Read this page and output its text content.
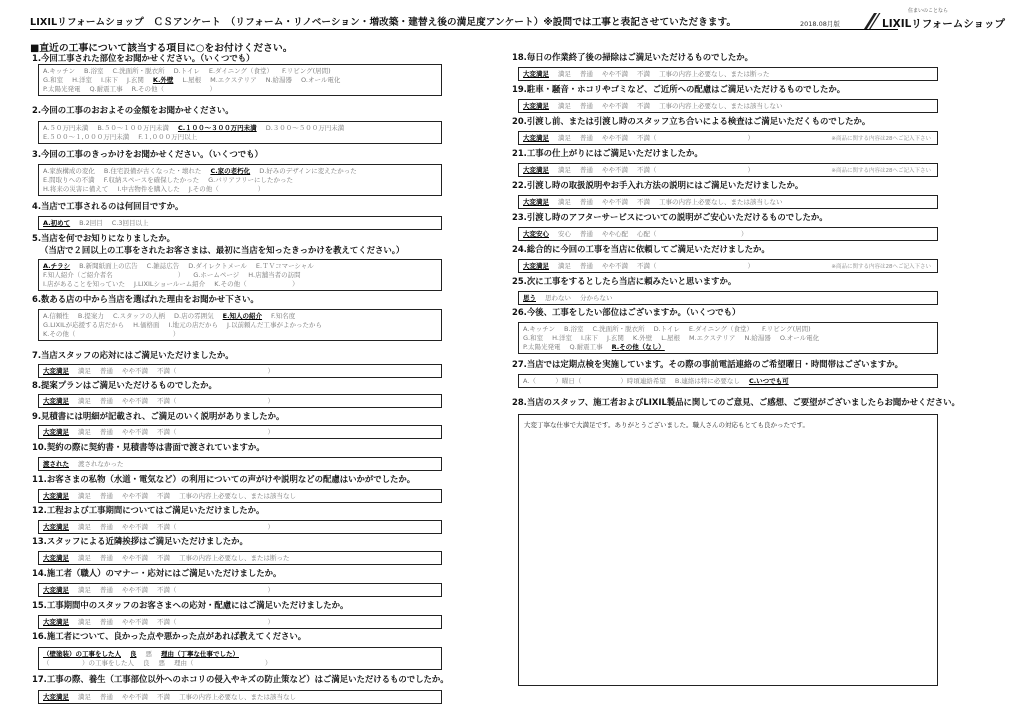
LIXILリフォームショップ　ＣＳアンケート　（リフォーム・リノベーション・増改築・建替え後の満足度アンケート）※設問では工事と表記させていただきます。	2018.08月版
住まいのことなら
LIXILリフォームショップ
■直近の工事について該当する項目に○をお付けください。
1.今回工事された部位をお聞かせください。（いくつでも）
A.キッチン B.浴室 C.洗面所・脱衣所 D.トイレ E.ダイニング（食堂） F.リビング(居間)
G.和室 H.洋室 I.床下 J.玄関 K.外壁 L.屋根 M.エクステリア N.給湯器 O.オール電化
P.太陽光発電 Q.耐震工事 R.その他（　　　　　　　）
2.今回の工事のおおよその金額をお聞かせください。
A.５０万円未満 B.５０～１００万円未満 C.１００～３００万円未満 D.３００～５００万円未満
E.５００～１,０００万円未満 F.１,０００万円以上
3.今回の工事のきっかけをお聞かせください。（いくつでも）
A.家族構成の変化 B.住宅設備が古くなった・壊れた C.家の老朽化 D.好みのデザインに変えたかった
E.間取りへの不満 F.収納スペースを確保したかった G.バリアフリーにしたかった
H.将来の災害に備えて I.中古物件を購入した J.その他（　　　　　　）
4.当店で工事されるのは何回目ですか。
A.初めて B.2回目 C.3回目以上
5.当店を何でお知りになりましたか。
（当店で２回以上の工事をされたお客さまは、最初に当店を知ったきっかけを教えてください。）
A.チラシ B.新聞紙面上の広告 C.雑誌広告 D.ダイレクトメール E.ＴＶコマーシャル
F.知人紹介（ご紹介者名　　　　　　　　　　） G.ホームページ H.店舗当者の訪問
I.店があることを知っていた J.LIXILショールーム紹介 K.その他（　　　　　　　）
6.数ある店の中から当店を選ばれた理由をお聞かせ下さい。
A.信頼性 B.提案力 C.スタッフの人柄 D.店の雰囲気 E.知人の紹介 F.知名度
G.LIXILが応援する店だから H.価格面 I.地元の店だから J.以前頼んだ工事がよかったから
K.その他（　　　　　　　　　　　　　　　）
7.当店スタッフの応対にはご満足いただけましたか。
大変満足 満足 普通 やや不満 不満（　　　　　　　　　　　　　　）
8.提案プランはご満足いただけるものでしたか。
大変満足 満足 普通 やや不満 不満（　　　　　　　　　　　　　　）
9.見積書には明細が記載され、ご満足のいく説明がありましたか。
大変満足 満足 普通 やや不満 不満（　　　　　　　　　　　　　　）
10.契約の際に契約書・見積書等は書面で渡されていますか。
渡された 渡されなかった
11.お客さまの私物（水道・電気など）の利用についての声がけや説明などの配慮はいかがでしたか。
大変満足 満足 普通 やや不満 不満 工事の内容上必要なし、または該当なし
12.工程および工事期間についてはご満足いただけましたか。
大変満足 満足 普通 やや不満 不満（　　　　　　　　　　　　　　）
13.スタッフによる近隣挨拶はご満足いただけましたか。
大変満足 満足 普通 やや不満 不満 工事の内容上必要なし、または断った
14.施工者（職人）のマナー・応対にはご満足いただけましたか。
大変満足 満足 普通 やや不満 不満（　　　　　　　　　　　　　　）
15.工事期間中のスタッフのお客さまへの応対・配慮にはご満足いただけましたか。
大変満足 満足 普通 やや不満 不満（　　　　　　　　　　　　　　）
16.施工者について、良かった点や悪かった点があれば教えてください。
（壁塗装）の工事をした人 良 悪 理由（丁寧な仕事でした）
（　　　　　）の工事をした人 良 悪 理由（　　　　　　　　　　　）
17.工事の際、養生（工事部位以外へのホコリの侵入やキズの防止策など）はご満足いただけるものでしたか。
大変満足 満足 普通 やや不満 不満 工事の内容上必要なし、または該当なし
18.毎日の作業終了後の掃除はご満足いただけるものでしたか。
大変満足 満足 普通 やや不満 不満 工事の内容上必要なし、または断った
19.駐車・騒音・ホコリやゴミなど、ご近所への配慮はご満足いただけるものでしたか。
大変満足 満足 普通 やや不満 不満 工事の内容上必要なし、または該当しない
20.引渡し前、または引渡し時のスタッフ立ち合いによる検査はご満足いただくものでしたか。
大変満足 満足 普通 やや不満 不満（　　　　　　　　　　　　　　）	※商品に関する内容は28へご記入下さい
21.工事の仕上がりにはご満足いただけましたか。
大変満足 満足 普通 やや不満 不満（　　　　　　　　　　　　　　）	※商品に関する内容は28へご記入下さい
22.引渡し時の取扱説明やお手入れ方法の説明にはご満足いただけましたか。
大変満足 満足 普通 やや不満 不満 工事の内容上必要なし、または該当しない
23.引渡し時のアフターサービスについての説明がご安心いただけるものでしたか。
大変安心 安心 普通 やや心配 心配（　　　　　　　　　　　　　）
24.総合的に今回の工事を当店に依頼してご満足いただけましたか。
大変満足 満足 普通 やや不満 不満（　　　　　　　　　　　　　　）	※商品に関する内容は28へご記入下さい
25.次に工事をするとしたら当店に頼みたいと思いますか。
思う 思わない 分からない
26.今後、工事をしたい部位はございますか。（いくつでも）
A.キッチン B.浴室 C.洗面所・脱衣所 D.トイレ E.ダイニング（食堂） F.リビング(居間)
G.和室 H.洋室 I.床下 J.玄関 K.外壁 L.屋根 M.エクステリア N.給湯器 O.オール電化
P.太陽光発電 Q.耐震工事 R.その他（なし）
27.当店では定期点検を実施しています。その際の事前電話連絡のご希望曜日・時間帯はございますか。
A.（　　　）曜日（　　　　　　）時頃連絡希望 B.連絡は特に必要なし C.いつでも可
28.当店のスタッフ、施工者およびLIXIL製品に関してのご意見、ご感想、ご要望がございましたらお聞かせください。
大変丁寧な仕事で大満足です。ありがとうございました。職人さんの対応もとても良かったです。
